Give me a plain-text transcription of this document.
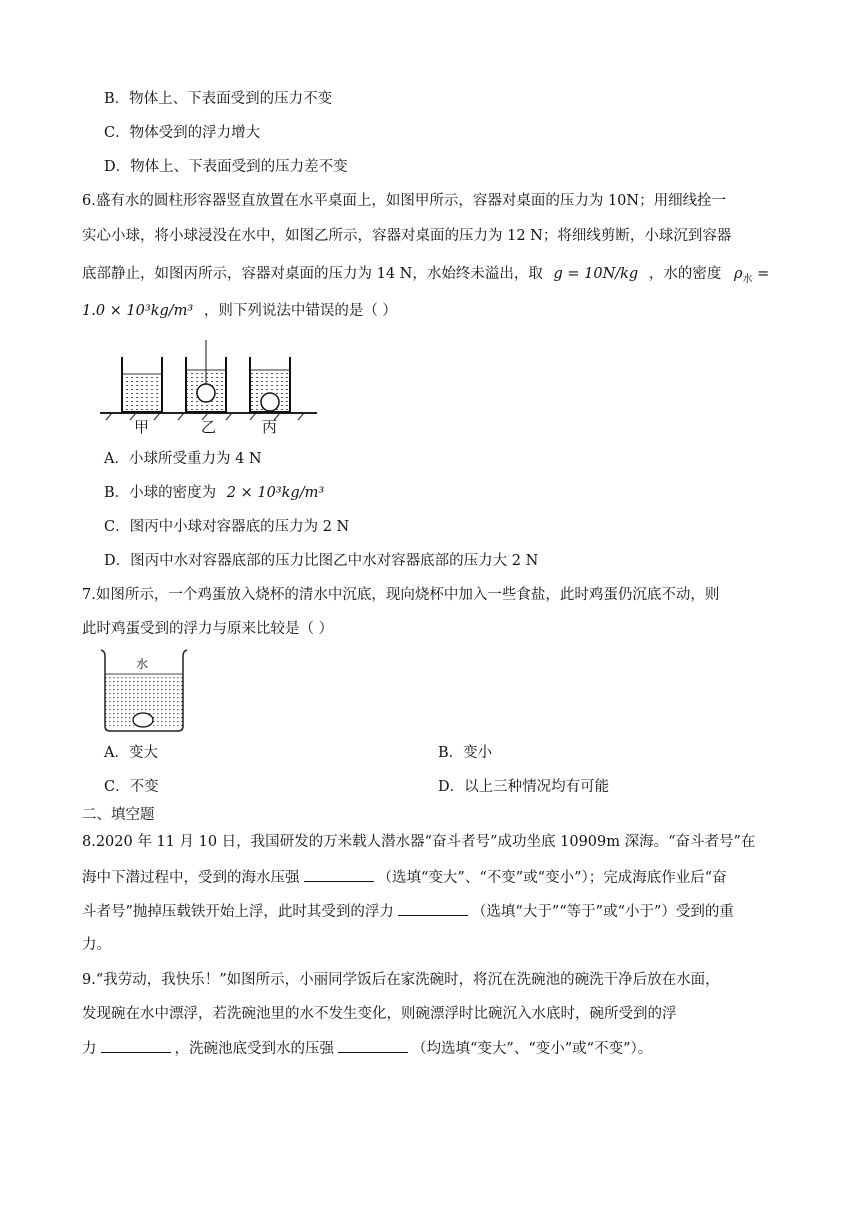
B．物体上、下表面受到的压力不变
C．物体受到的浮力增大
D．物体上、下表面受到的压力差不变
6.盛有水的圆柱形容器竖直放置在水平桌面上，如图甲所示，容器对桌面的压力为 10N；用细线拴一
实心小球，将小球浸没在水中，如图乙所示，容器对桌面的压力为 12 N；将细线剪断，小球沉到容器
底部静止，如图丙所示，容器对桌面的压力为 14 N，水始终未溢出，取 g = 10N/kg ，水的密度 $\rho_水$ =
1.0 × 10³kg/m³ ，则下列说法中错误的是（ ）
甲	乙	丙
A．小球所受重力为 4 N
B．小球的密度为 2 × 10³kg/m³
C．图丙中小球对容器底的压力为 2 N
D．图丙中水对容器底部的压力比图乙中水对容器底部的压力大 2 N
7.如图所示，一个鸡蛋放入烧杯的清水中沉底，现向烧杯中加入一些食盐，此时鸡蛋仍沉底不动，则
此时鸡蛋受到的浮力与原来比较是（ ）
水
A．变大	B．变小
C．不变	D．以上三种情况均有可能
二、填空题
8.2020 年 11 月 10 日，我国研发的万米载人潜水器“奋斗者号”成功坐底 10909m 深海。“奋斗者号”在
海中下潜过程中，受到的海水压强	（选填“变大”、“不变”或“变小”）；完成海底作业后“奋
斗者号”抛掉压载铁开始上浮，此时其受到的浮力	（选填“大于”“等于”或“小于”）受到的重
力。
9.“我劳动，我快乐！”如图所示，小丽同学饭后在家洗碗时，将沉在洗碗池的碗洗干净后放在水面，
发现碗在水中漂浮，若洗碗池里的水不发生变化，则碗漂浮时比碗沉入水底时，碗所受到的浮
力	，洗碗池底受到水的压强	（均选填“变大”、“变小”或“不变”）。
